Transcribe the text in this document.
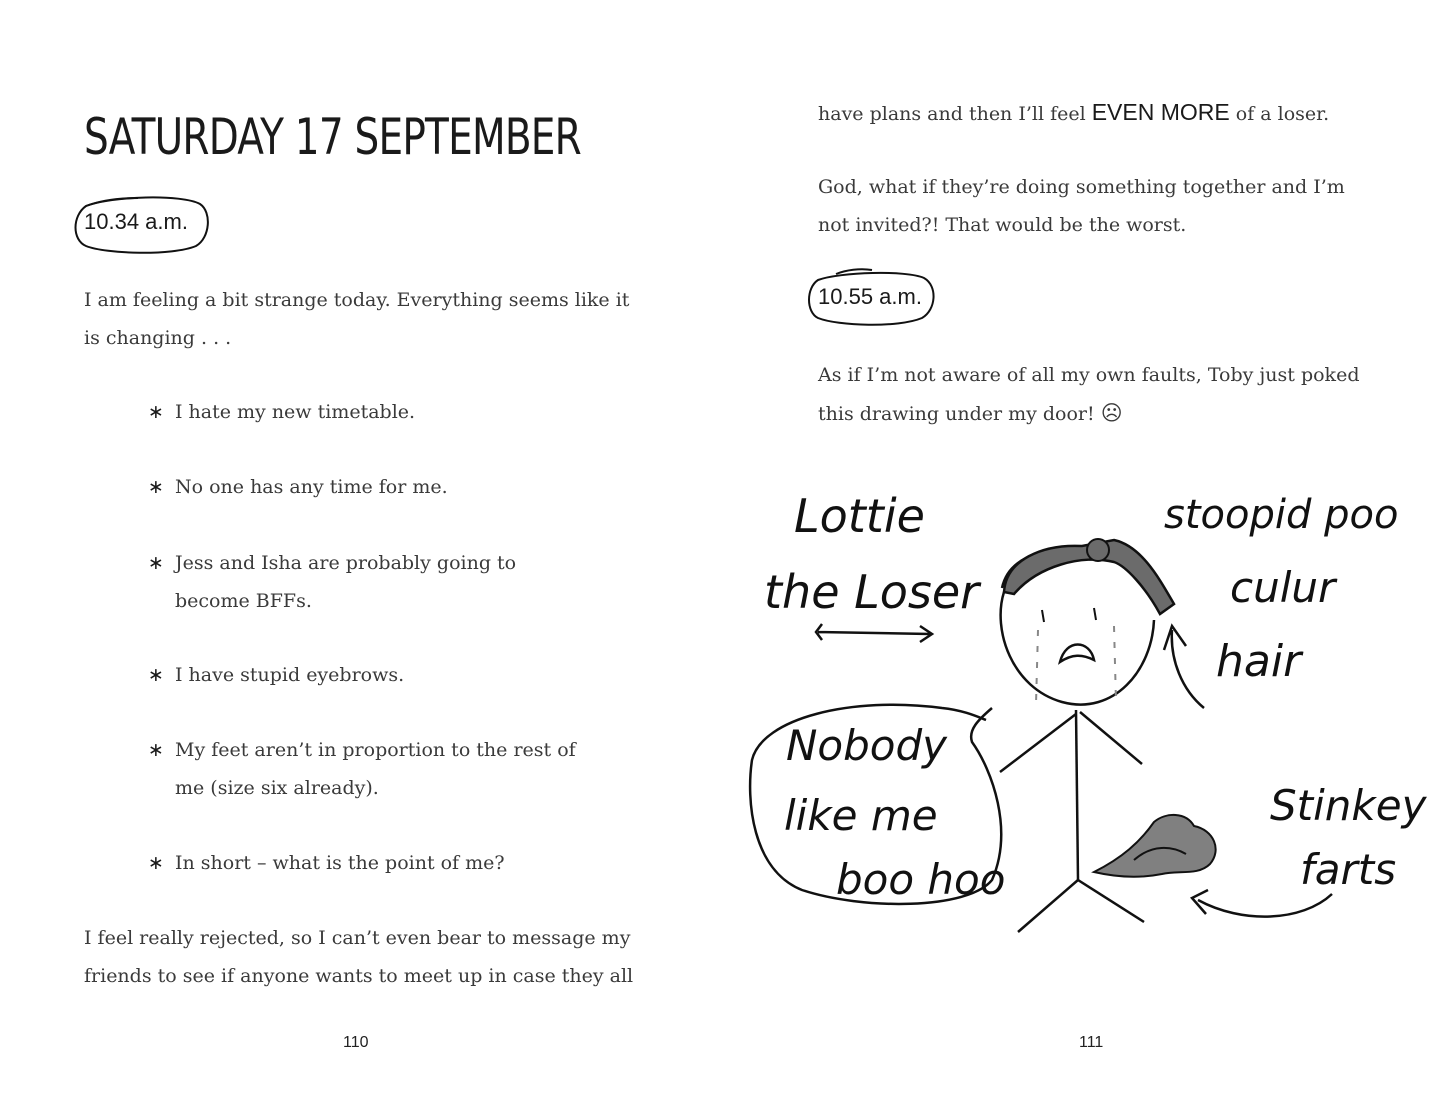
SATURDAY 17 SEPTEMBER
10.34 a.m.

I am feeling a bit strange today. Everything seems like it
is changing . . .

∗ I hate my new timetable.

∗ No one has any time for me.

∗ Jess and Isha are probably going to
become BFFs.

∗ I have stupid eyebrows.

∗ My feet aren’t in proportion to the rest of
me (size six already).

∗ In short – what is the point of me?

I feel really rejected, so I can’t even bear to message my
friends to see if anyone wants to meet up in case they all

110

have plans and then I’ll feel EVEN MORE of a loser.

God, what if they’re doing something together and I’m
not invited?! That would be the worst.

10.55 a.m.

As if I’m not aware of all my own faults, Toby just poked
this drawing under my door! ☹

Lottie
the Loser
stoopid poo
culur
hair
Nobody
like me
boo hoo
Stinkey
farts
111
